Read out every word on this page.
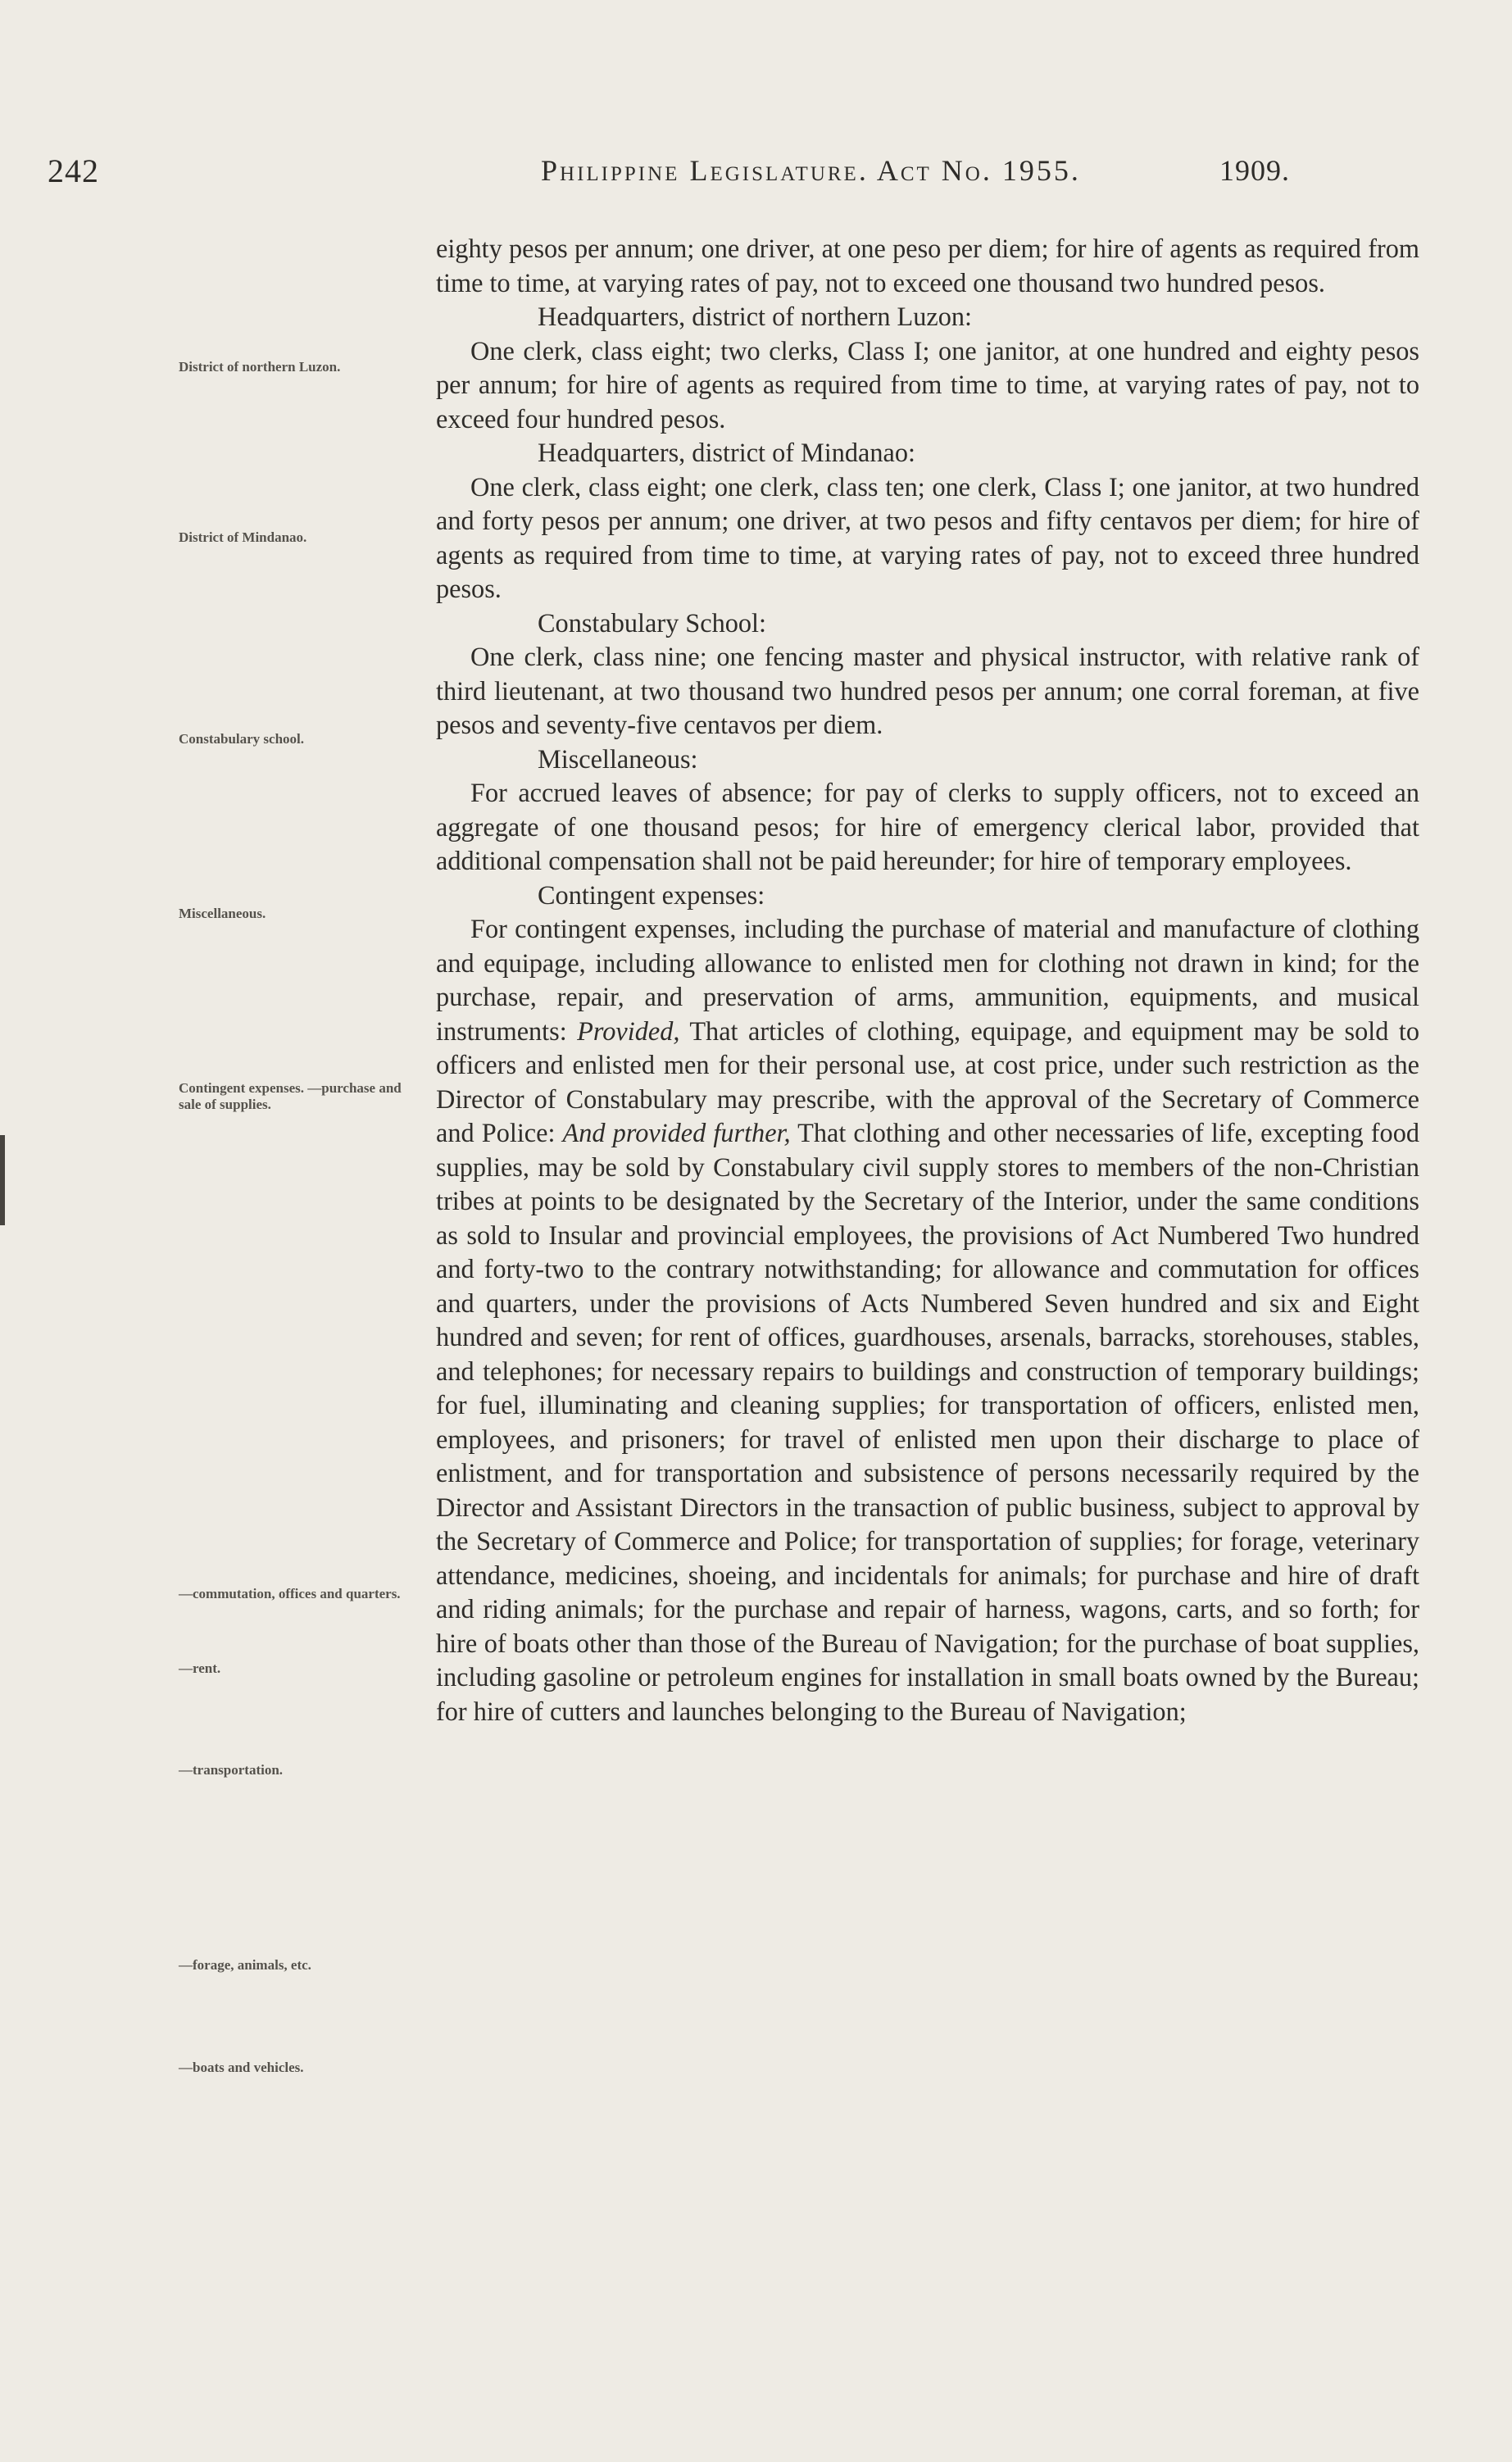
242	Philippine Legislature. Act No. 1955.	1909.
District of northern Luzon.
District of Mindanao.
Constabulary school.
Miscellaneous.
Contingent expenses. —purchase and sale of supplies.
—commutation, offices and quarters.
—rent.
—transportation.
—forage, animals, etc.
—boats and vehicles.

eighty pesos per annum; one driver, at one peso per diem; for hire of agents as required from time to time, at varying rates of pay, not to exceed one thousand two hundred pesos.

Headquarters, district of northern Luzon:

One clerk, class eight; two clerks, Class I; one janitor, at one hundred and eighty pesos per annum; for hire of agents as required from time to time, at varying rates of pay, not to exceed four hundred pesos.

Headquarters, district of Mindanao:

One clerk, class eight; one clerk, class ten; one clerk, Class I; one janitor, at two hundred and forty pesos per annum; one driver, at two pesos and fifty centavos per diem; for hire of agents as required from time to time, at varying rates of pay, not to exceed three hundred pesos.

Constabulary School:

One clerk, class nine; one fencing master and physical instructor, with relative rank of third lieutenant, at two thousand two hundred pesos per annum; one corral foreman, at five pesos and seventy-five centavos per diem.

Miscellaneous:

For accrued leaves of absence; for pay of clerks to supply officers, not to exceed an aggregate of one thousand pesos; for hire of emergency clerical labor, provided that additional compensation shall not be paid hereunder; for hire of temporary employees.

Contingent expenses:

For contingent expenses, including the purchase of material and manufacture of clothing and equipage, including allowance to enlisted men for clothing not drawn in kind; for the purchase, repair, and preservation of arms, ammunition, equipments, and musical instruments: Provided, That articles of clothing, equipage, and equipment may be sold to officers and enlisted men for their personal use, at cost price, under such restriction as the Director of Constabulary may prescribe, with the approval of the Secretary of Commerce and Police: And provided further, That clothing and other necessaries of life, excepting food supplies, may be sold by Constabulary civil supply stores to members of the non-Christian tribes at points to be designated by the Secretary of the Interior, under the same conditions as sold to Insular and provincial employees, the provisions of Act Numbered Two hundred and forty-two to the contrary notwithstanding; for allowance and commutation for offices and quarters, under the provisions of Acts Numbered Seven hundred and six and Eight hundred and seven; for rent of offices, guardhouses, arsenals, barracks, storehouses, stables, and telephones; for necessary repairs to buildings and construction of temporary buildings; for fuel, illuminating and cleaning supplies; for transportation of officers, enlisted men, employees, and prisoners; for travel of enlisted men upon their discharge to place of enlistment, and for transportation and subsistence of persons necessarily required by the Director and Assistant Directors in the transaction of public business, subject to approval by the Secretary of Commerce and Police; for transportation of supplies; for forage, veterinary attendance, medicines, shoeing, and incidentals for animals; for purchase and hire of draft and riding animals; for the purchase and repair of harness, wagons, carts, and so forth; for hire of boats other than those of the Bureau of Navigation; for the purchase of boat supplies, including gasoline or petroleum engines for installation in small boats owned by the Bureau; for hire of cutters and launches belonging to the Bureau of Navigation;
